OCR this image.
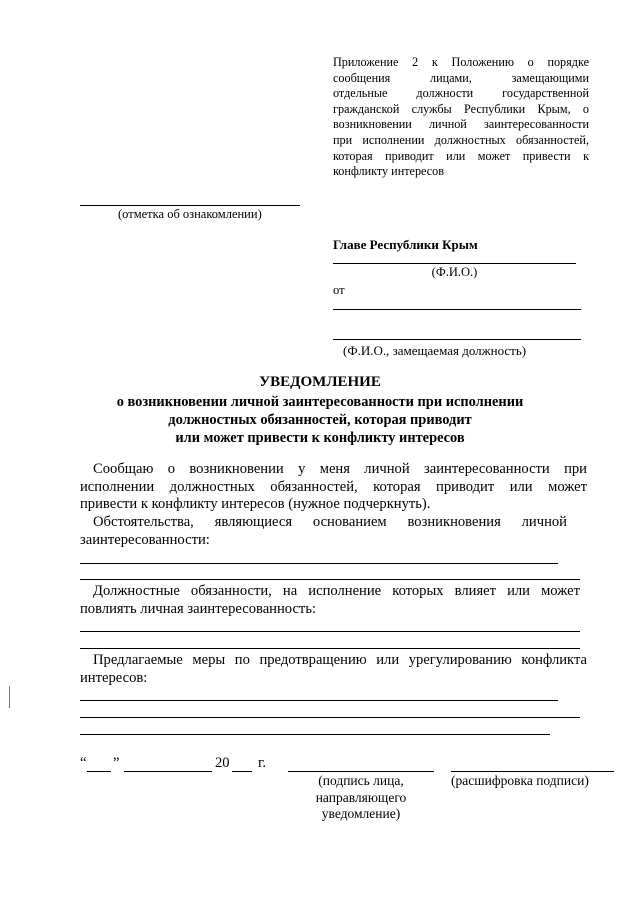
Приложение 2 к Положению о порядке
сообщения лицами, замещающими
отдельные должности государственной
гражданской службы Республики Крым, о
возникновении личной заинтересованности
при исполнении должностных обязанностей,
которая приводит или может привести к
конфликту интересов
(отметка об ознакомлении)
Главе Республики Крым
(Ф.И.О.)
от
(Ф.И.О., замещаемая должность)
УВЕДОМЛЕНИЕ
о возникновении личной заинтересованности при исполнении
должностных обязанностей, которая приводит
или может привести к конфликту интересов
Сообщаю о возникновении у меня личной заинтересованности при
исполнении должностных обязанностей, которая приводит или может
привести к конфликту интересов (нужное подчеркнуть).
Обстоятельства, являющиеся основанием возникновения личной
заинтересованности:
Должностные обязанности, на исполнение которых влияет или может
повлиять личная заинтересованность:
Предлагаемые меры по предотвращению или урегулированию конфликта
интересов:
“ ”	20 г.
(подпись лица,
направляющего
уведомление)
(расшифровка подписи)
